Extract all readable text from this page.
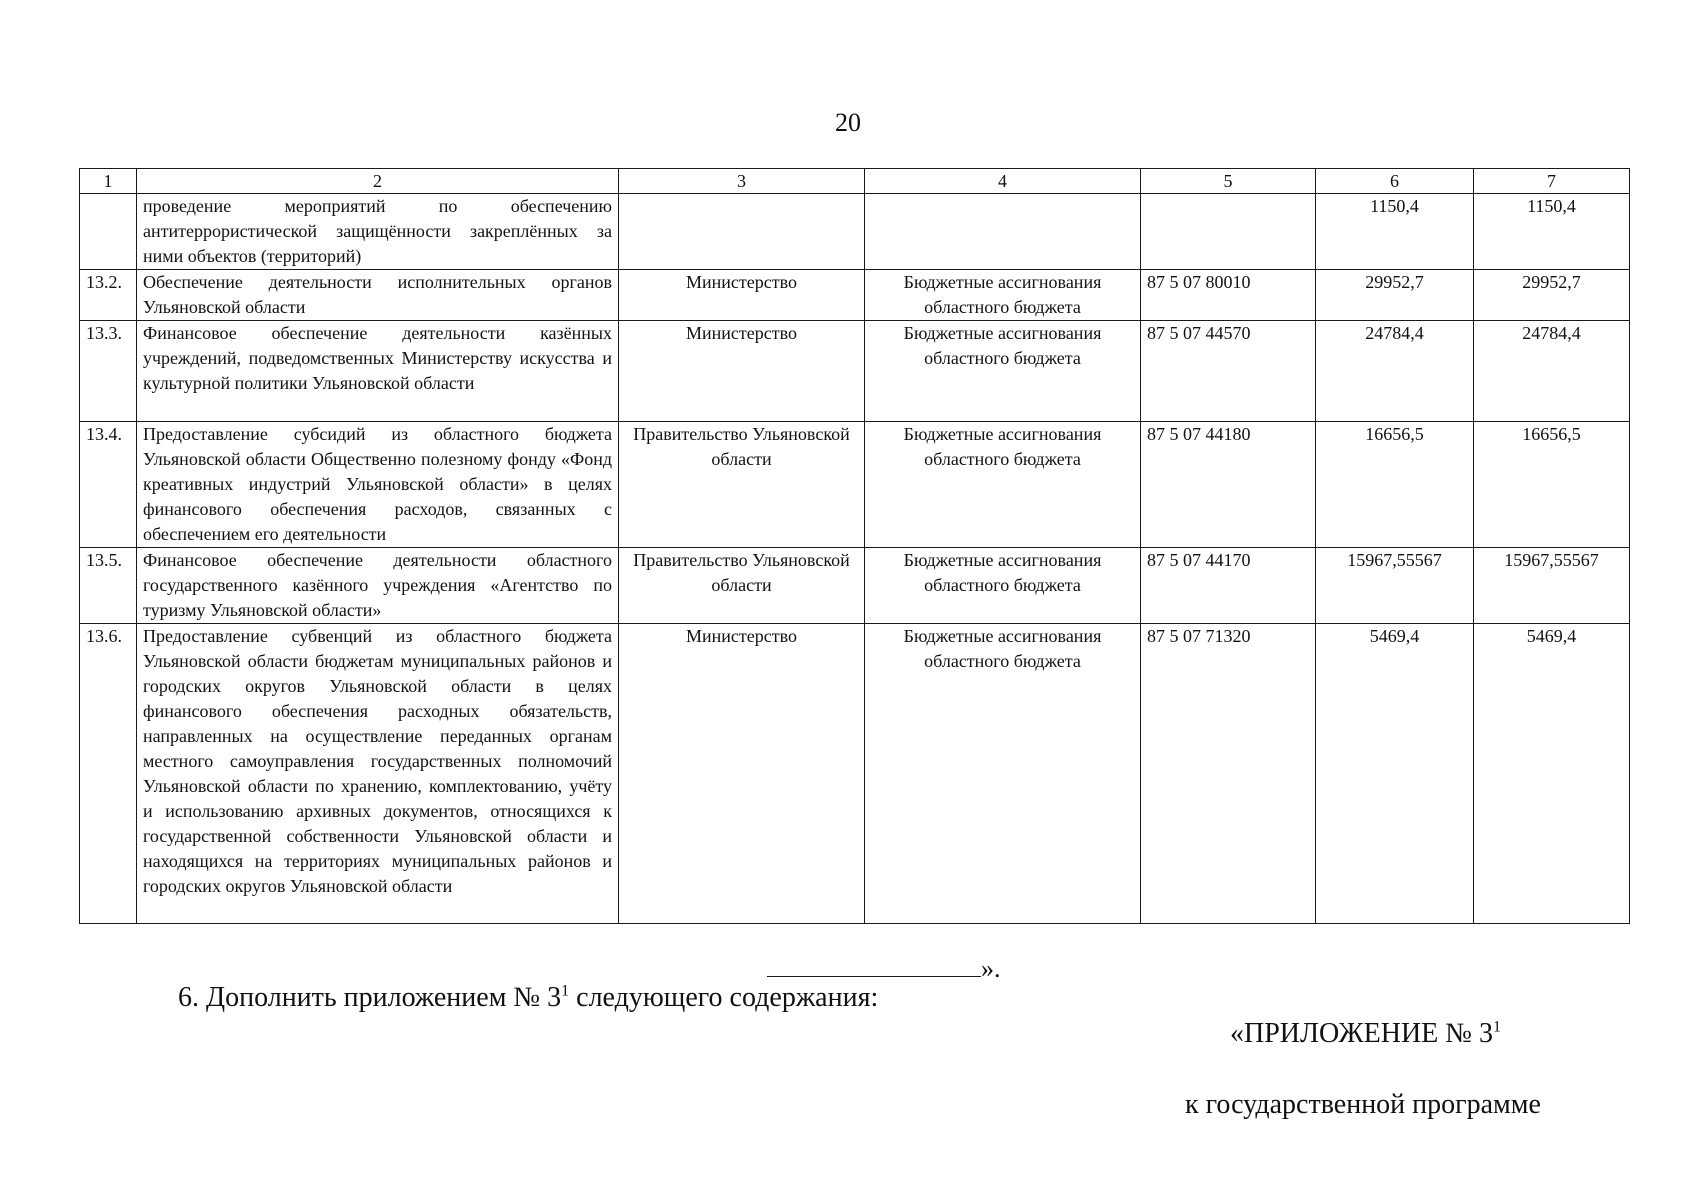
20
1	2	3	4	5	6	7
	проведение мероприятий по обеспечению антитеррористической защищённости закреплённых за ними объектов (территорий)				1150,4	1150,4
13.2.	Обеспечение деятельности исполнительных органов Ульяновской области	Министерство	Бюджетные ассигнования областного бюджета	87 5 07 80010	29952,7	29952,7
13.3.	Финансовое обеспечение деятельности казённых учреждений, подведомственных Министерству искусства и культурной политики Ульяновской области	Министерство	Бюджетные ассигнования областного бюджета	87 5 07 44570	24784,4	24784,4
13.4.	Предоставление субсидий из областного бюджета Ульяновской области Общественно полезному фонду «Фонд креативных индустрий Ульяновской области» в целях финансового обеспечения расходов, связанных с обеспечением его деятельности	Правительство Ульяновской области	Бюджетные ассигнования областного бюджета	87 5 07 44180	16656,5	16656,5
13.5.	Финансовое обеспечение деятельности областного государственного казённого учреждения «Агентство по туризму Ульяновской области»	Правительство Ульяновской области	Бюджетные ассигнования областного бюджета	87 5 07 44170	15967,55567	15967,55567
13.6.	Предоставление субвенций из областного бюджета Ульяновской области бюджетам муниципальных районов и городских округов Ульяновской области в целях финансового обеспечения расходных обязательств, направленных на осуществление переданных органам местного самоуправления государственных полномочий Ульяновской области по хранению, комплектованию, учёту и использованию архивных документов, относящихся к государственной собственности Ульяновской области и находящихся на территориях муниципальных районов и городских округов Ульяновской области	Министерство	Бюджетные ассигнования областного бюджета	87 5 07 71320	5469,4	5469,4
».
6. Дополнить приложением № $3^1$ следующего содержания:
«ПРИЛОЖЕНИЕ № $3^1$
к государственной программе
